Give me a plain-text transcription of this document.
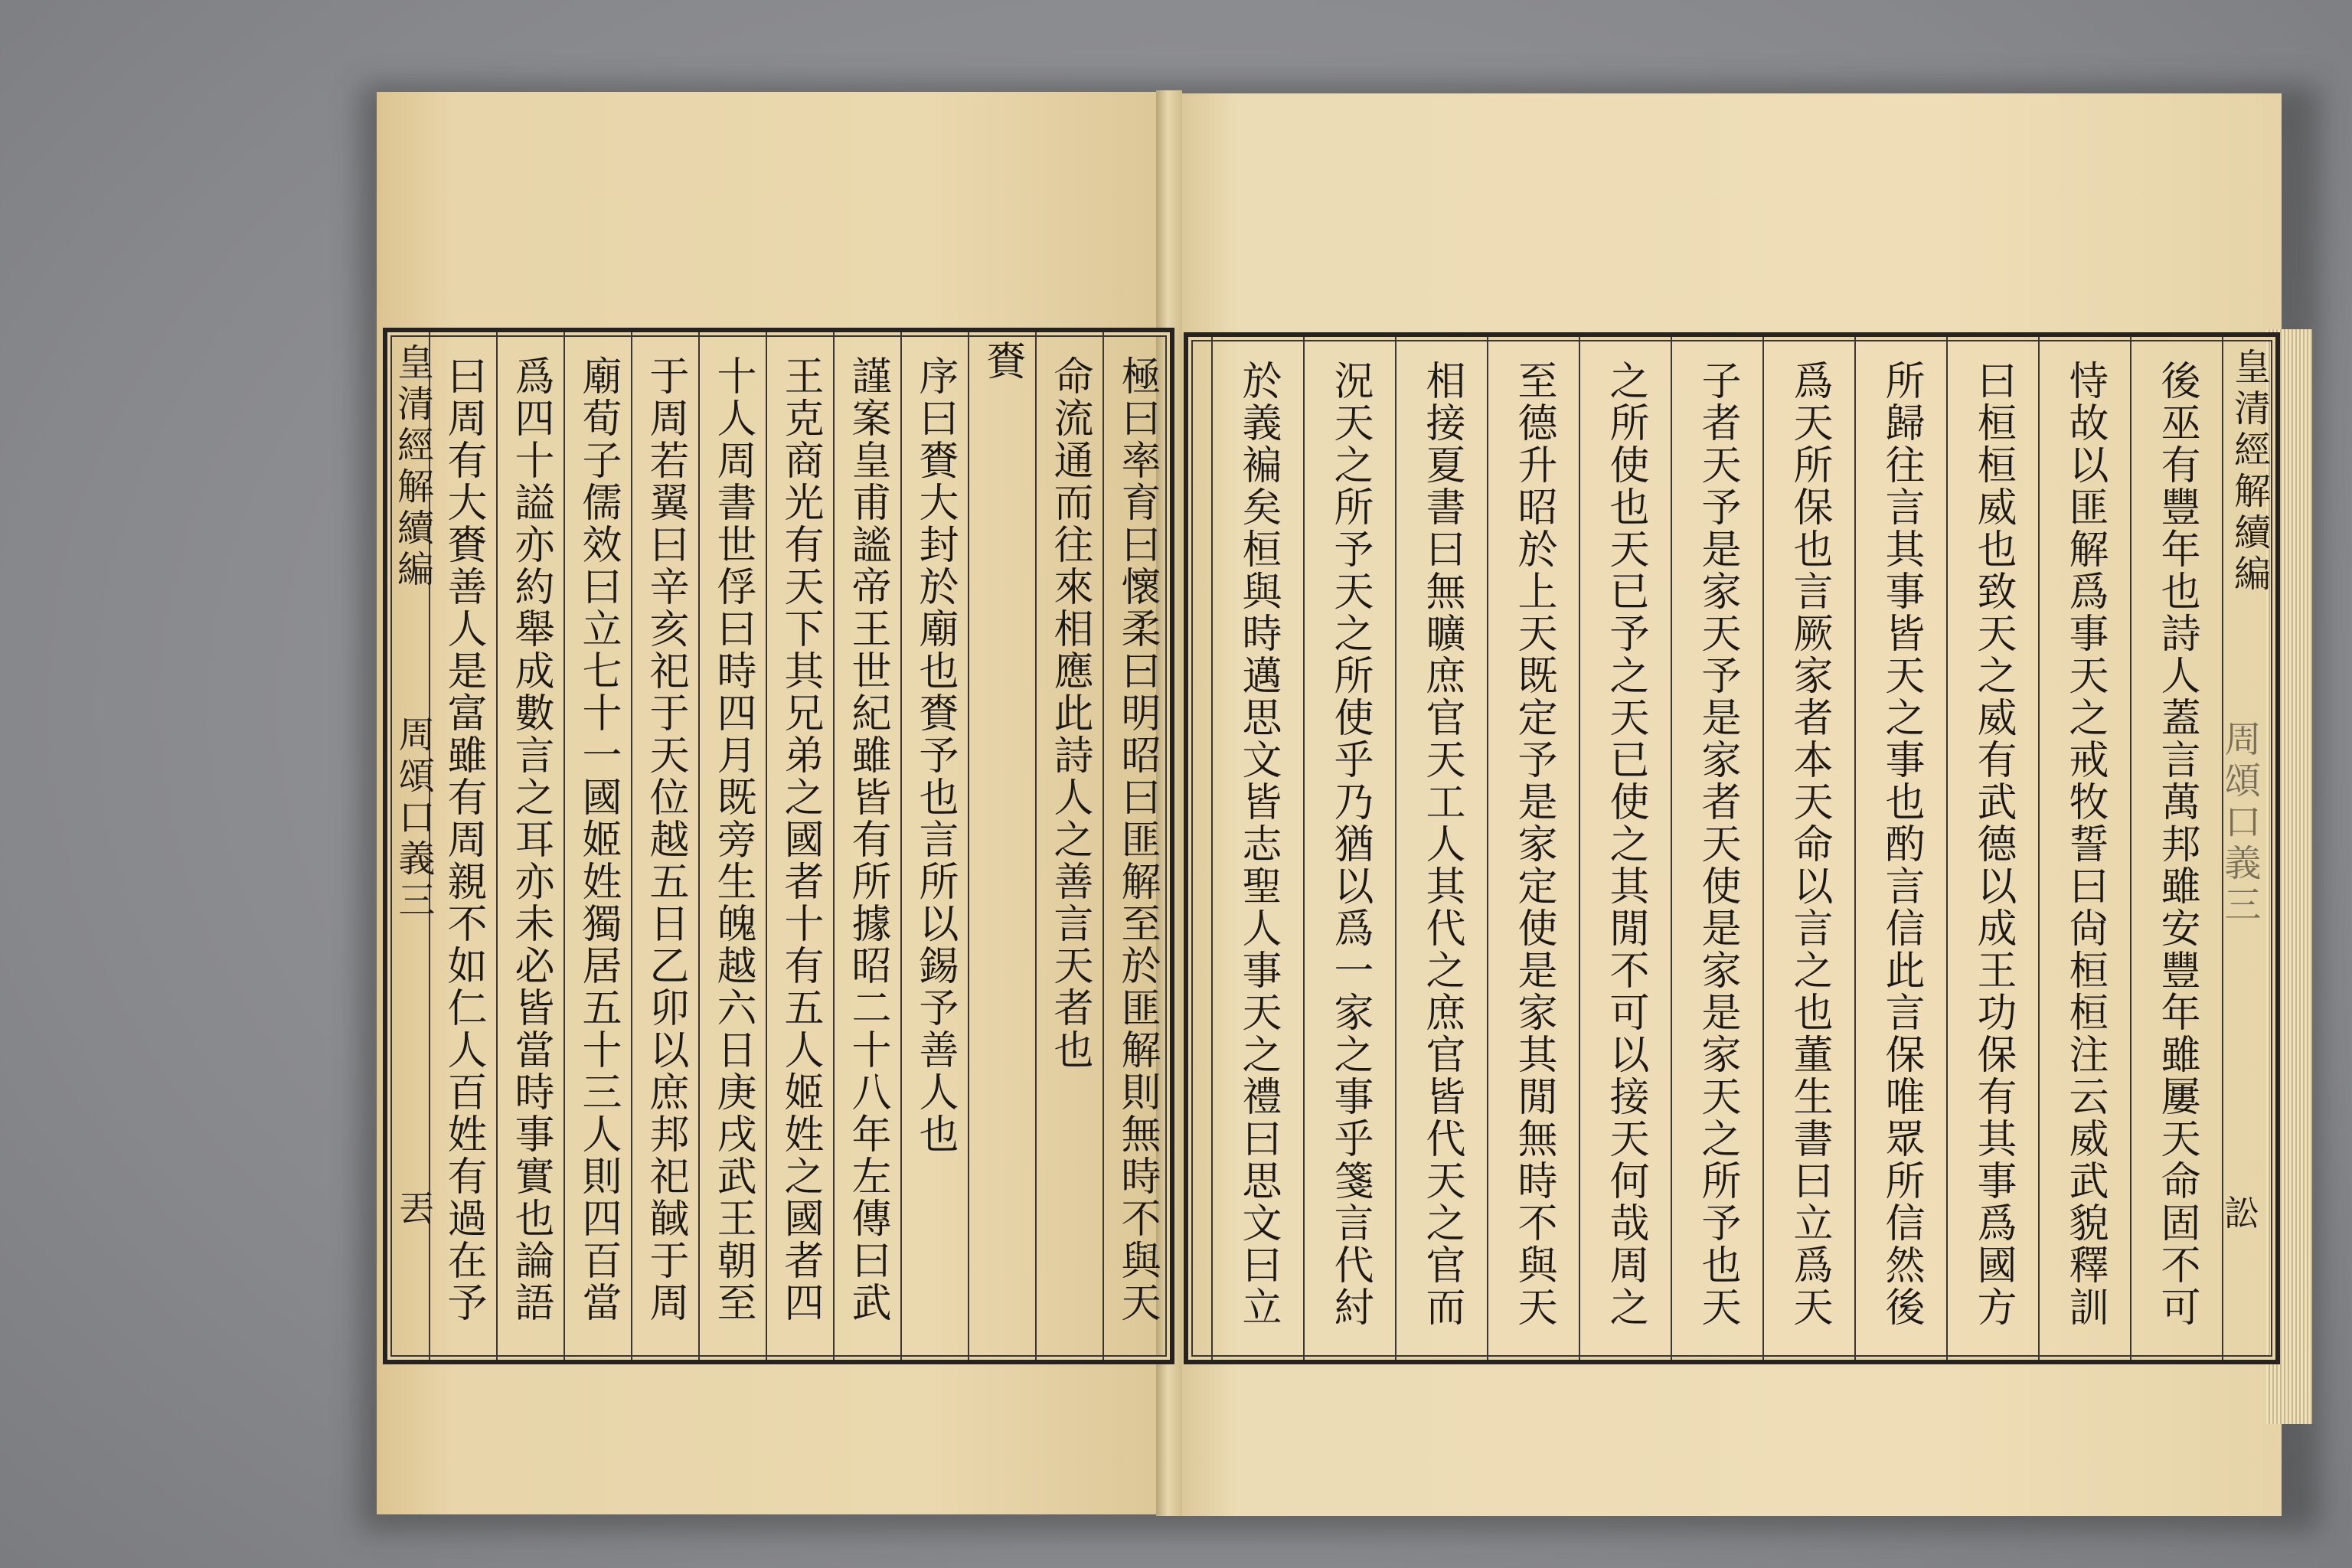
極曰率育曰懷柔曰明昭曰匪解至於匪解則無時不與天
命流通而往來相應此詩人之善言天者也
賚
序曰賚大封於廟也賚予也言所以錫予善人也
謹案皇甫謐帝王世紀雖皆有所據昭二十八年左傳曰武
王克商光有天下其兄弟之國者十有五人姬姓之國者四
十人周書世俘曰時四月既旁生魄越六日庚戌武王朝至
于周若翼曰辛亥祀于天位越五日乙卯以庶邦祀馘于周
廟荀子儒效曰立七十一國姬姓獨居五十三人則四百當
爲四十謚亦約舉成數言之耳亦未必皆當時事實也論語
曰周有大賚善人是富雖有周親不如仁人百姓有過在予
皇清經解續編
周頌口義三
丟
皇清經解續編
後巫有豐年也詩人蓋言萬邦雖安豐年雖屢天命固不可
恃故以匪解爲事天之戒牧誓曰尙桓桓注云威武貌釋訓
曰桓桓威也致天之威有武德以成王功保有其事爲國方
所歸往言其事皆天之事也酌言信此言保唯眾所信然後
爲天所保也言厥家者本天命以言之也董生書曰立爲天
子者天予是家天予是家者天使是家是家天之所予也天
之所使也天已予之天已使之其閒不可以接天何哉周之
至德升昭於上天既定予是家定使是家其閒無時不與天
相接夏書曰無曠庶官天工人其代之庶官皆代天之官而
況天之所予天之所使乎乃猶以爲一家之事乎箋言代紂
於義褊矣桓與時邁思文皆志聖人事天之禮曰思文曰立	周頌口義三
訟
